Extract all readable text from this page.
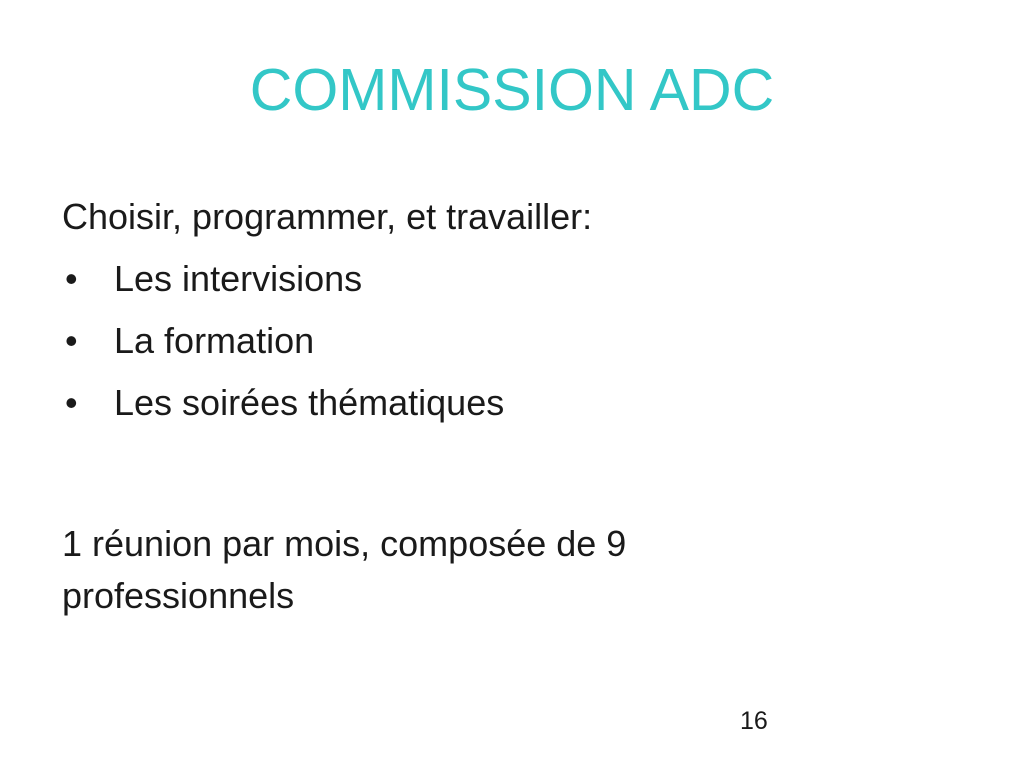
COMMISSION ADC

Choisir, programmer, et travailler:

• Les intervisions
• La formation
• Les soirées thématiques

1 réunion par mois, composée de 9 professionnels

16
